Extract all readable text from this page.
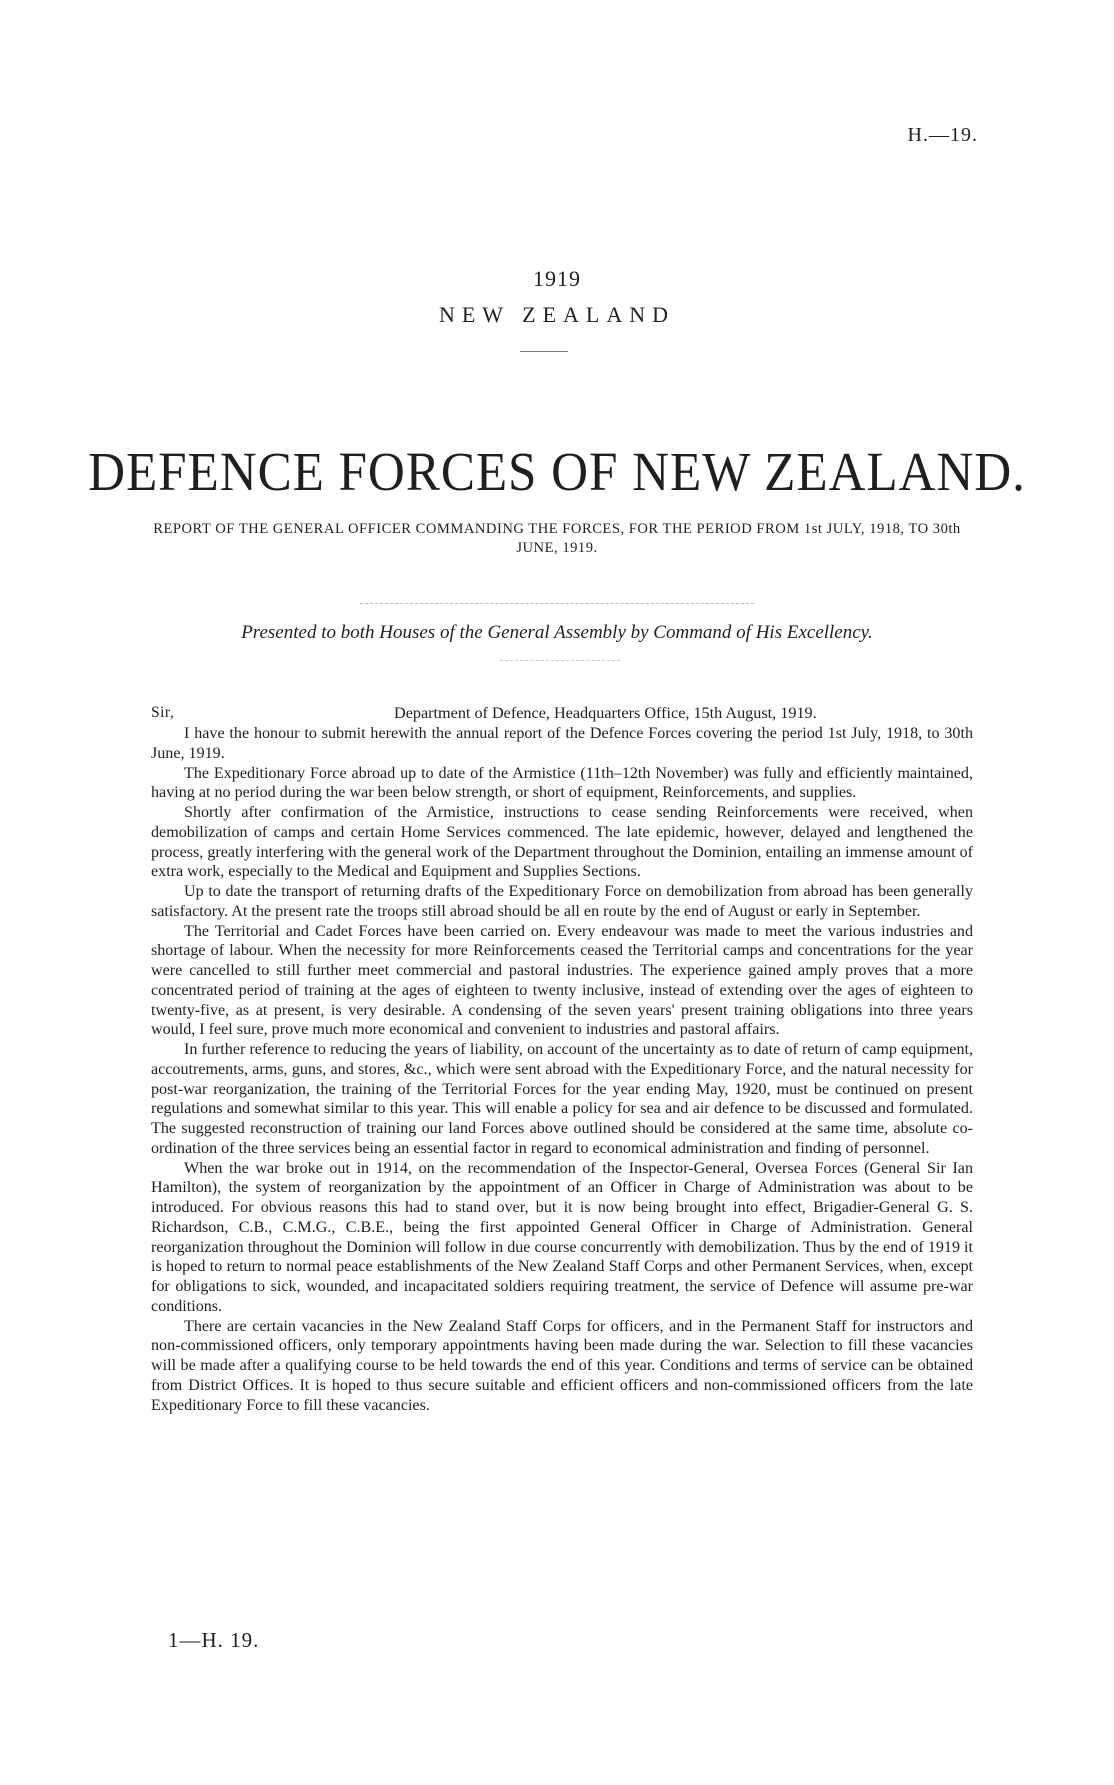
H.—19.
1919
NEW ZEALAND
DEFENCE FORCES OF NEW ZEALAND.
REPORT OF THE GENERAL OFFICER COMMANDING THE FORCES, FOR THE PERIOD FROM 1st JULY, 1918, TO 30th JUNE, 1919.
Presented to both Houses of the General Assembly by Command of His Excellency.
Sir,	Department of Defence, Headquarters Office, 15th August, 1919.

I have the honour to submit herewith the annual report of the Defence Forces covering the period 1st July, 1918, to 30th June, 1919.

The Expeditionary Force abroad up to date of the Armistice (11th–12th November) was fully and efficiently maintained, having at no period during the war been below strength, or short of equipment, Reinforcements, and supplies.

Shortly after confirmation of the Armistice, instructions to cease sending Reinforcements were received, when demobilization of camps and certain Home Services commenced. The late epidemic, however, delayed and lengthened the process, greatly interfering with the general work of the Department throughout the Dominion, entailing an immense amount of extra work, especially to the Medical and Equipment and Supplies Sections.

Up to date the transport of returning drafts of the Expeditionary Force on demobilization from abroad has been generally satisfactory. At the present rate the troops still abroad should be all en route by the end of August or early in September.

The Territorial and Cadet Forces have been carried on. Every endeavour was made to meet the various industries and shortage of labour. When the necessity for more Reinforcements ceased the Territorial camps and concentrations for the year were cancelled to still further meet commercial and pastoral industries. The experience gained amply proves that a more concentrated period of training at the ages of eighteen to twenty inclusive, instead of extending over the ages of eighteen to twenty-five, as at present, is very desirable. A condensing of the seven years' present training obligations into three years would, I feel sure, prove much more economical and convenient to industries and pastoral affairs.

In further reference to reducing the years of liability, on account of the uncertainty as to date of return of camp equipment, accoutrements, arms, guns, and stores, &c., which were sent abroad with the Expeditionary Force, and the natural necessity for post-war reorganization, the training of the Territorial Forces for the year ending May, 1920, must be continued on present regulations and somewhat similar to this year. This will enable a policy for sea and air defence to be discussed and formulated. The suggested reconstruction of training our land Forces above outlined should be considered at the same time, absolute co-ordination of the three services being an essential factor in regard to economical administration and finding of personnel.

When the war broke out in 1914, on the recommendation of the Inspector-General, Oversea Forces (General Sir Ian Hamilton), the system of reorganization by the appointment of an Officer in Charge of Administration was about to be introduced. For obvious reasons this had to stand over, but it is now being brought into effect, Brigadier-General G. S. Richardson, C.B., C.M.G., C.B.E., being the first appointed General Officer in Charge of Administration. General reorganization throughout the Dominion will follow in due course concurrently with demobilization. Thus by the end of 1919 it is hoped to return to normal peace establishments of the New Zealand Staff Corps and other Permanent Services, when, except for obligations to sick, wounded, and incapacitated soldiers requiring treatment, the service of Defence will assume pre-war conditions.

There are certain vacancies in the New Zealand Staff Corps for officers, and in the Permanent Staff for instructors and non-commissioned officers, only temporary appointments having been made during the war. Selection to fill these vacancies will be made after a qualifying course to be held towards the end of this year. Conditions and terms of service can be obtained from District Offices. It is hoped to thus secure suitable and efficient officers and non-commissioned officers from the late Expeditionary Force to fill these vacancies.

1—H. 19.
